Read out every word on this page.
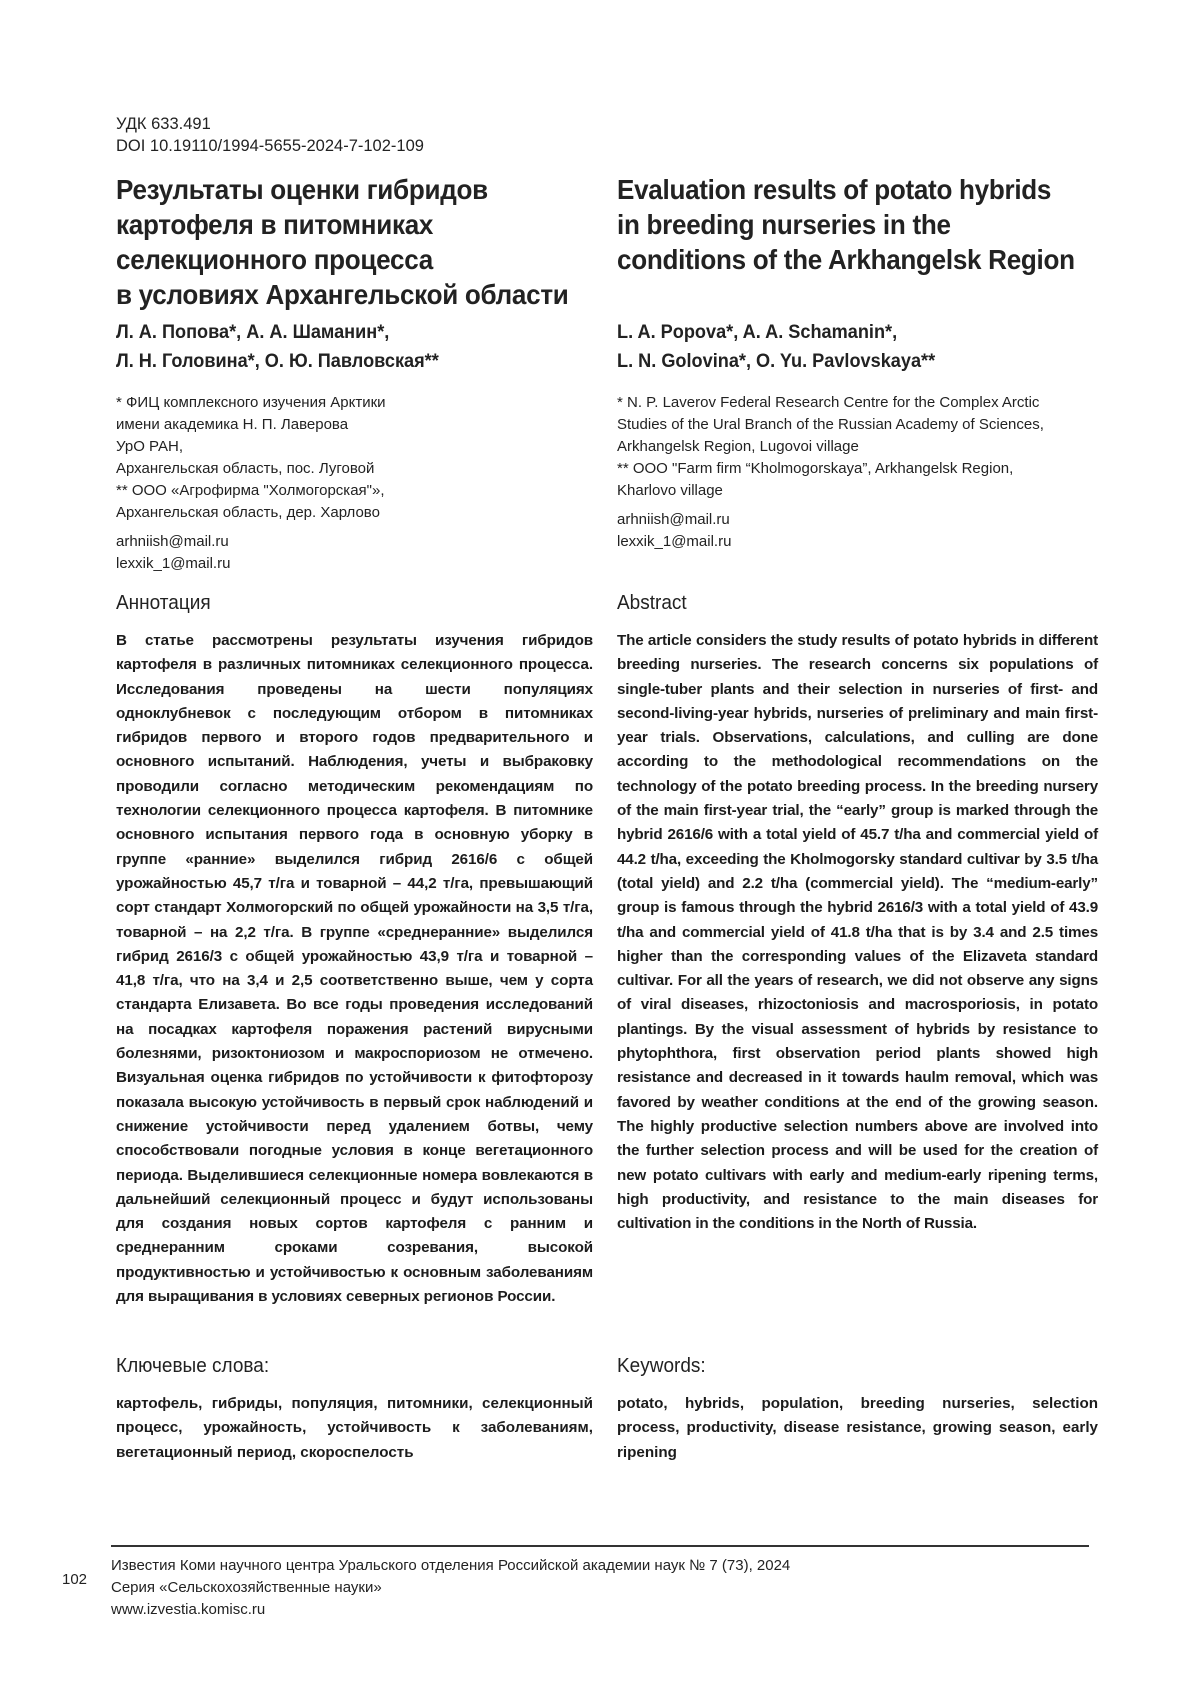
УДК 633.491
DOI 10.19110/1994-5655-2024-7-102-109
Результаты оценки гибридов
картофеля в питомниках
селекционного процесса
в условиях Архангельской области
Л. А. Попова*, А. А. Шаманин*,
Л. Н. Головина*, О. Ю. Павловская**
* ФИЦ комплексного изучения Арктики
имени академика Н. П. Лаверова
УрО РАН,
Архангельская область, пос. Луговой
** ООО «Агрофирма "Холмогорская"»,
Архангельская область, дер. Харлово
arhniish@mail.ru
lexxik_1@mail.ru
Аннотация
В статье рассмотрены результаты изучения гибридов картофеля в различных питомниках селекционного процесса. Исследования проведены на шести популяциях одноклубневок с последующим отбором в питомниках гибридов первого и второго годов предварительного и основного испытаний. Наблюдения, учеты и выбраковку проводили согласно методическим рекомендациям по технологии селекционного процесса картофеля. В питомнике основного испытания первого года в основную уборку в группе «ранние» выделился гибрид 2616/6 с общей урожайностью 45,7 т/га и товарной – 44,2 т/га, превышающий сорт стандарт Холмогорский по общей урожайности на 3,5 т/га, товарной – на 2,2 т/га. В группе «среднеранние» выделился гибрид 2616/3 с общей урожайностью 43,9 т/га и товарной – 41,8 т/га, что на 3,4 и 2,5 соответственно выше, чем у сорта стандарта Елизавета. Во все годы проведения исследований на посадках картофеля поражения растений вирусными болезнями, ризоктониозом и макроспориозом не отмечено. Визуальная оценка гибридов по устойчивости к фитофторозу показала высокую устойчивость в первый срок наблюдений и снижение устойчивости перед удалением ботвы, чему способствовали погодные условия в конце вегетационного периода. Выделившиеся селекционные номера вовлекаются в дальнейший селекционный процесс и будут использованы для создания новых сортов картофеля с ранним и среднеранним сроками созревания, высокой продуктивностью и устойчивостью к основным заболеваниям для выращивания в условиях северных регионов России.
Ключевые слова:
картофель, гибриды, популяция, питомники, селекционный процесс, урожайность, устойчивость к заболеваниям, вегетационный период, скороспелость
Evaluation results of potato hybrids
in breeding nurseries in the
conditions of the Arkhangelsk Region
L. A. Popova*, A. A. Schamanin*,
L. N. Golovina*, O. Yu. Pavlovskaya**
* N. P. Laverov Federal Research Centre for the Complex Arctic
Studies of the Ural Branch of the Russian Academy of Sciences,
Arkhangelsk Region, Lugovoi village
** OOO "Farm firm “Kholmogorskaya”, Arkhangelsk Region,
Kharlovo village
arhniish@mail.ru
lexxik_1@mail.ru
Abstract
The article considers the study results of potato hybrids in different breeding nurseries. The research concerns six populations of single-tuber plants and their selection in nurseries of first- and second-living-year hybrids, nurseries of preliminary and main first-year trials. Observations, calculations, and culling are done according to the methodological recommendations on the technology of the potato breeding process. In the breeding nursery of the main first-year trial, the “early” group is marked through the hybrid 2616/6 with a total yield of 45.7 t/ha and commercial yield of 44.2 t/ha, exceeding the Kholmogorsky standard cultivar by 3.5 t/ha (total yield) and 2.2 t/ha (commercial yield). The “medium-early” group is famous through the hybrid 2616/3 with a total yield of 43.9 t/ha and commercial yield of 41.8 t/ha that is by 3.4 and 2.5 times higher than the corresponding values of the Elizaveta standard cultivar. For all the years of research, we did not observe any signs of viral diseases, rhizoctoniosis and macrosporiosis, in potato plantings. By the visual assessment of hybrids by resistance to phytophthora, first observation period plants showed high resistance and decreased in it towards haulm removal, which was favored by weather conditions at the end of the growing season. The highly productive selection numbers above are involved into the further selection process and will be used for the creation of new potato cultivars with early and medium-early ripening terms, high productivity, and resistance to the main diseases for cultivation in the conditions in the North of Russia.
Keywords:
potato, hybrids, population, breeding nurseries, selection process, productivity, disease resistance, growing season, early ripening
102
Известия Коми научного центра Уральского отделения Российской академии наук № 7 (73), 2024
Серия «Сельскохозяйственные науки»
www.izvestia.komisc.ru
